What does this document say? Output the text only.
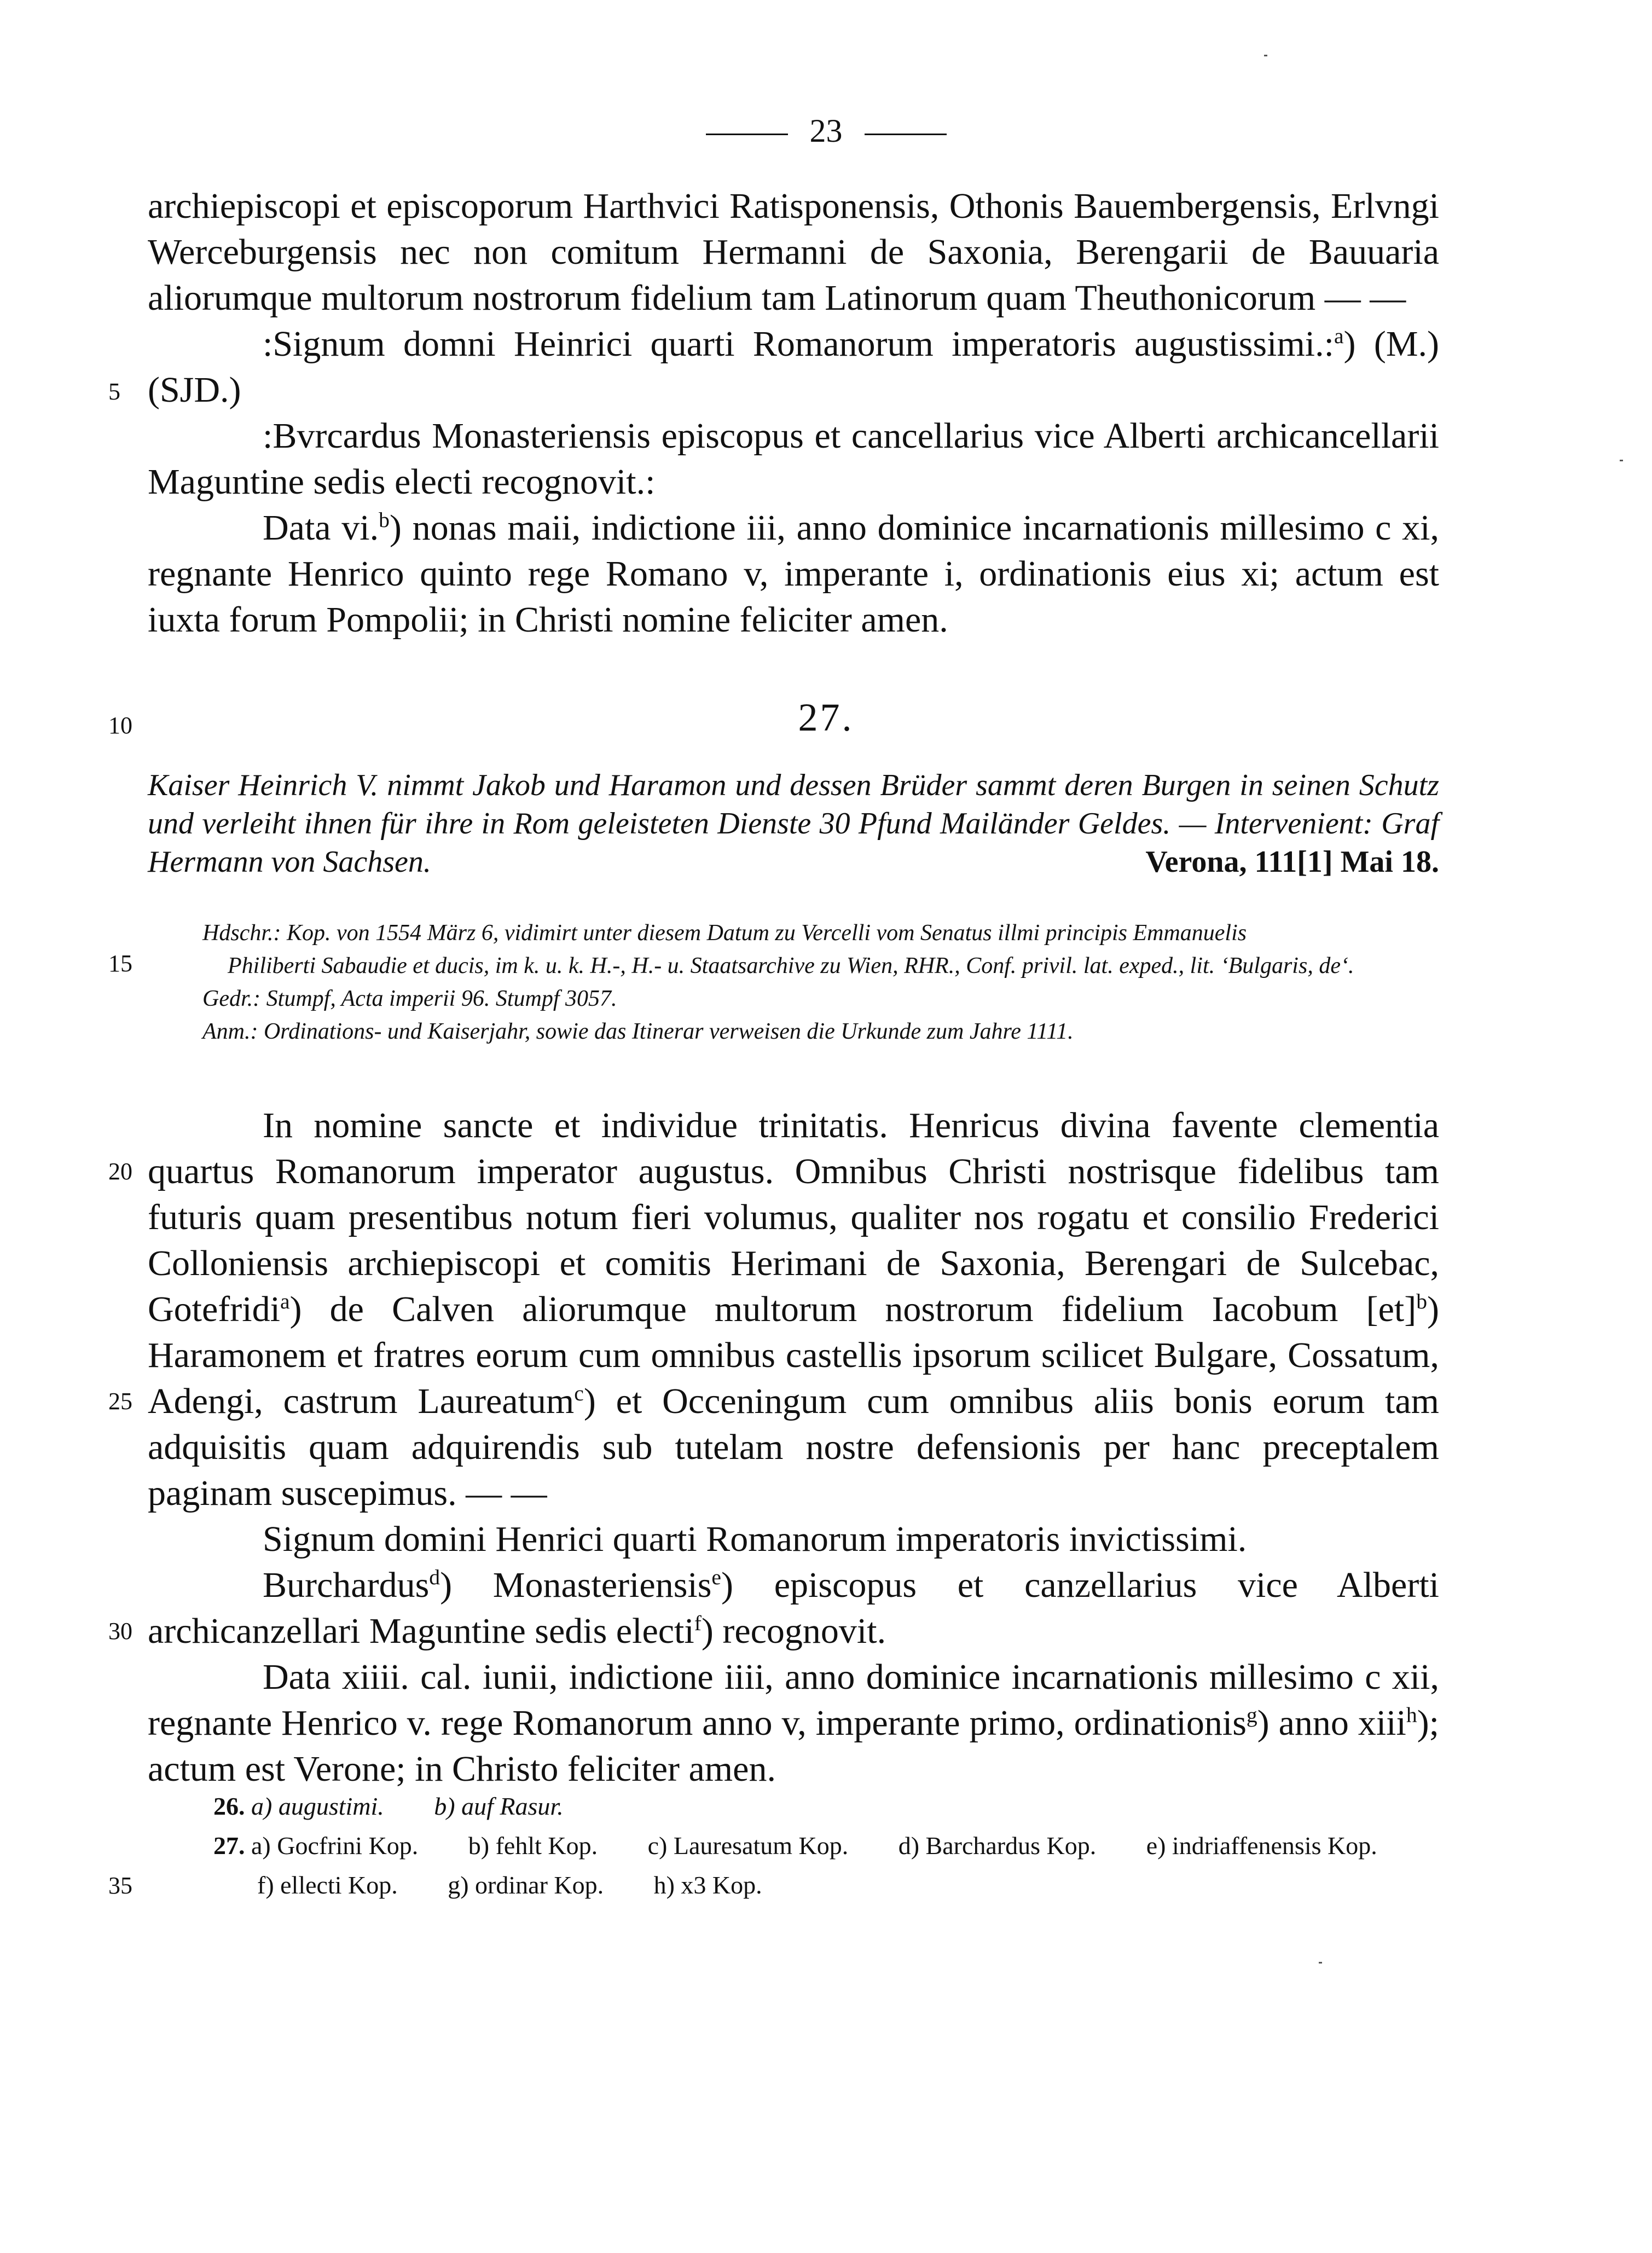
23
5
10
15
20
25
30
35

archiepiscopi et episcoporum Harthvici Ratisponensis, Othonis Bauembergensis, Erlvngi Werceburgensis nec non comitum Hermanni de Saxonia, Berengarii de Bauuaria aliorumque multorum nostrorum fidelium tam Latinorum quam Theuthonicorum — —

:Signum domni Heinrici quarti Romanorum imperatoris augustissimi.:$^a$) (M.) (SJD.)

:Bvrcardus Monasteriensis episcopus et cancellarius vice Alberti archicancellarii Maguntine sedis electi recognovit.:

Data vi.$^b$) nonas maii, indictione iii, anno dominice incarnationis millesimo c xi, regnante Henrico quinto rege Romano v, imperante i, ordinationis eius xi; actum est iuxta forum Pompolii; in Christi nomine feliciter amen.

27.
Kaiser Heinrich V. nimmt Jakob und Haramon und dessen Brüder sammt deren Burgen in seinen Schutz und verleiht ihnen für ihre in Rom geleisteten Dienste 30 Pfund Mailänder Geldes. — Intervenient: Graf Hermann von Sachsen.	Verona, 111[1] Mai 18.

Hdschr.: Kop. von 1554 März 6, vidimirt unter diesem Datum zu Vercelli vom Senatus illmi principis Emmanuelis

Philiberti Sabaudie et ducis, im k. u. k. H.-, H.- u. Staatsarchive zu Wien, RHR., Conf. privil. lat. exped., lit. ‘Bulgaris, de‘.

Gedr.: Stumpf, Acta imperii 96. Stumpf 3057.

Anm.: Ordinations- und Kaiserjahr, sowie das Itinerar verweisen die Urkunde zum Jahre 1111.

In nomine sancte et individue trinitatis. Henricus divina favente clementia quartus Romanorum imperator augustus. Omnibus Christi nostrisque fidelibus tam futuris quam presentibus notum fieri volumus, qualiter nos rogatu et consilio Frederici Colloniensis archiepiscopi et comitis Herimani de Saxonia, Berengari de Sulcebac, Gotefridi$^a$) de Calven aliorumque multorum nostrorum fidelium Iacobum [et]$^b$) Haramonem et fratres eorum cum omnibus castellis ipsorum scilicet Bulgare, Cossatum, Adengi, castrum Laureatum$^c$) et Occeningum cum omnibus aliis bonis eorum tam adquisitis quam adquirendis sub tutelam nostre defensionis per hanc preceptalem paginam suscepimus. — —

Signum domini Henrici quarti Romanorum imperatoris invictissimi.

Burchardus$^d$) Monasteriensis$^e$) episcopus et canzellarius vice Alberti archicanzellari Maguntine sedis electi$^f$) recognovit.

Data xiiii. cal. iunii, indictione iiii, anno dominice incarnationis millesimo c xii, regnante Henrico v. rege Romanorum anno v, imperante primo, ordinationis$^g$) anno xiii$^h$); actum est Verone; in Christo feliciter amen.

26. a) augustimi. b) auf Rasur.

27. a) Gocfrini Kop. b) fehlt Kop. c) Lauresatum Kop. d) Barchardus Kop. e) indriaffenensis Kop.

f) ellecti Kop. g) ordinar Kop. h) x3 Kop.
